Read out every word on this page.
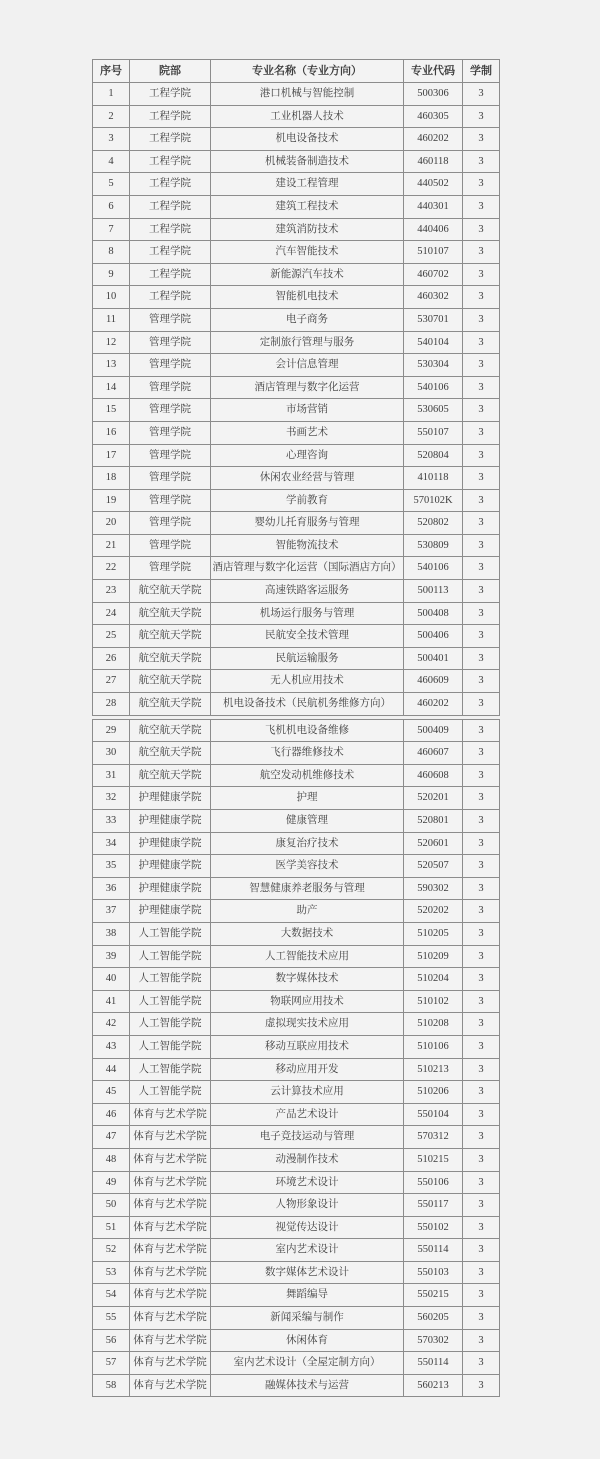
序号	院部	专业名称（专业方向）	专业代码	学制
1	工程学院	港口机械与智能控制	500306	3
2	工程学院	工业机器人技术	460305	3
3	工程学院	机电设备技术	460202	3
4	工程学院	机械装备制造技术	460118	3
5	工程学院	建设工程管理	440502	3
6	工程学院	建筑工程技术	440301	3
7	工程学院	建筑消防技术	440406	3
8	工程学院	汽车智能技术	510107	3
9	工程学院	新能源汽车技术	460702	3
10	工程学院	智能机电技术	460302	3
11	管理学院	电子商务	530701	3
12	管理学院	定制旅行管理与服务	540104	3
13	管理学院	会计信息管理	530304	3
14	管理学院	酒店管理与数字化运营	540106	3
15	管理学院	市场营销	530605	3
16	管理学院	书画艺术	550107	3
17	管理学院	心理咨询	520804	3
18	管理学院	休闲农业经营与管理	410118	3
19	管理学院	学前教育	570102K	3
20	管理学院	婴幼儿托育服务与管理	520802	3
21	管理学院	智能物流技术	530809	3
22	管理学院	酒店管理与数字化运营（国际酒店方向）	540106	3
23	航空航天学院	高速铁路客运服务	500113	3
24	航空航天学院	机场运行服务与管理	500408	3
25	航空航天学院	民航安全技术管理	500406	3
26	航空航天学院	民航运输服务	500401	3
27	航空航天学院	无人机应用技术	460609	3
28	航空航天学院	机电设备技术（民航机务维修方向）	460202	3
29	航空航天学院	飞机机电设备维修	500409	3
30	航空航天学院	飞行器维修技术	460607	3
31	航空航天学院	航空发动机维修技术	460608	3
32	护理健康学院	护理	520201	3
33	护理健康学院	健康管理	520801	3
34	护理健康学院	康复治疗技术	520601	3
35	护理健康学院	医学美容技术	520507	3
36	护理健康学院	智慧健康养老服务与管理	590302	3
37	护理健康学院	助产	520202	3
38	人工智能学院	大数据技术	510205	3
39	人工智能学院	人工智能技术应用	510209	3
40	人工智能学院	数字媒体技术	510204	3
41	人工智能学院	物联网应用技术	510102	3
42	人工智能学院	虚拟现实技术应用	510208	3
43	人工智能学院	移动互联应用技术	510106	3
44	人工智能学院	移动应用开发	510213	3
45	人工智能学院	云计算技术应用	510206	3
46	体育与艺术学院	产品艺术设计	550104	3
47	体育与艺术学院	电子竞技运动与管理	570312	3
48	体育与艺术学院	动漫制作技术	510215	3
49	体育与艺术学院	环境艺术设计	550106	3
50	体育与艺术学院	人物形象设计	550117	3
51	体育与艺术学院	视觉传达设计	550102	3
52	体育与艺术学院	室内艺术设计	550114	3
53	体育与艺术学院	数字媒体艺术设计	550103	3
54	体育与艺术学院	舞蹈编导	550215	3
55	体育与艺术学院	新闻采编与制作	560205	3
56	体育与艺术学院	休闲体育	570302	3
57	体育与艺术学院	室内艺术设计（全屋定制方向）	550114	3
58	体育与艺术学院	融媒体技术与运营	560213	3
